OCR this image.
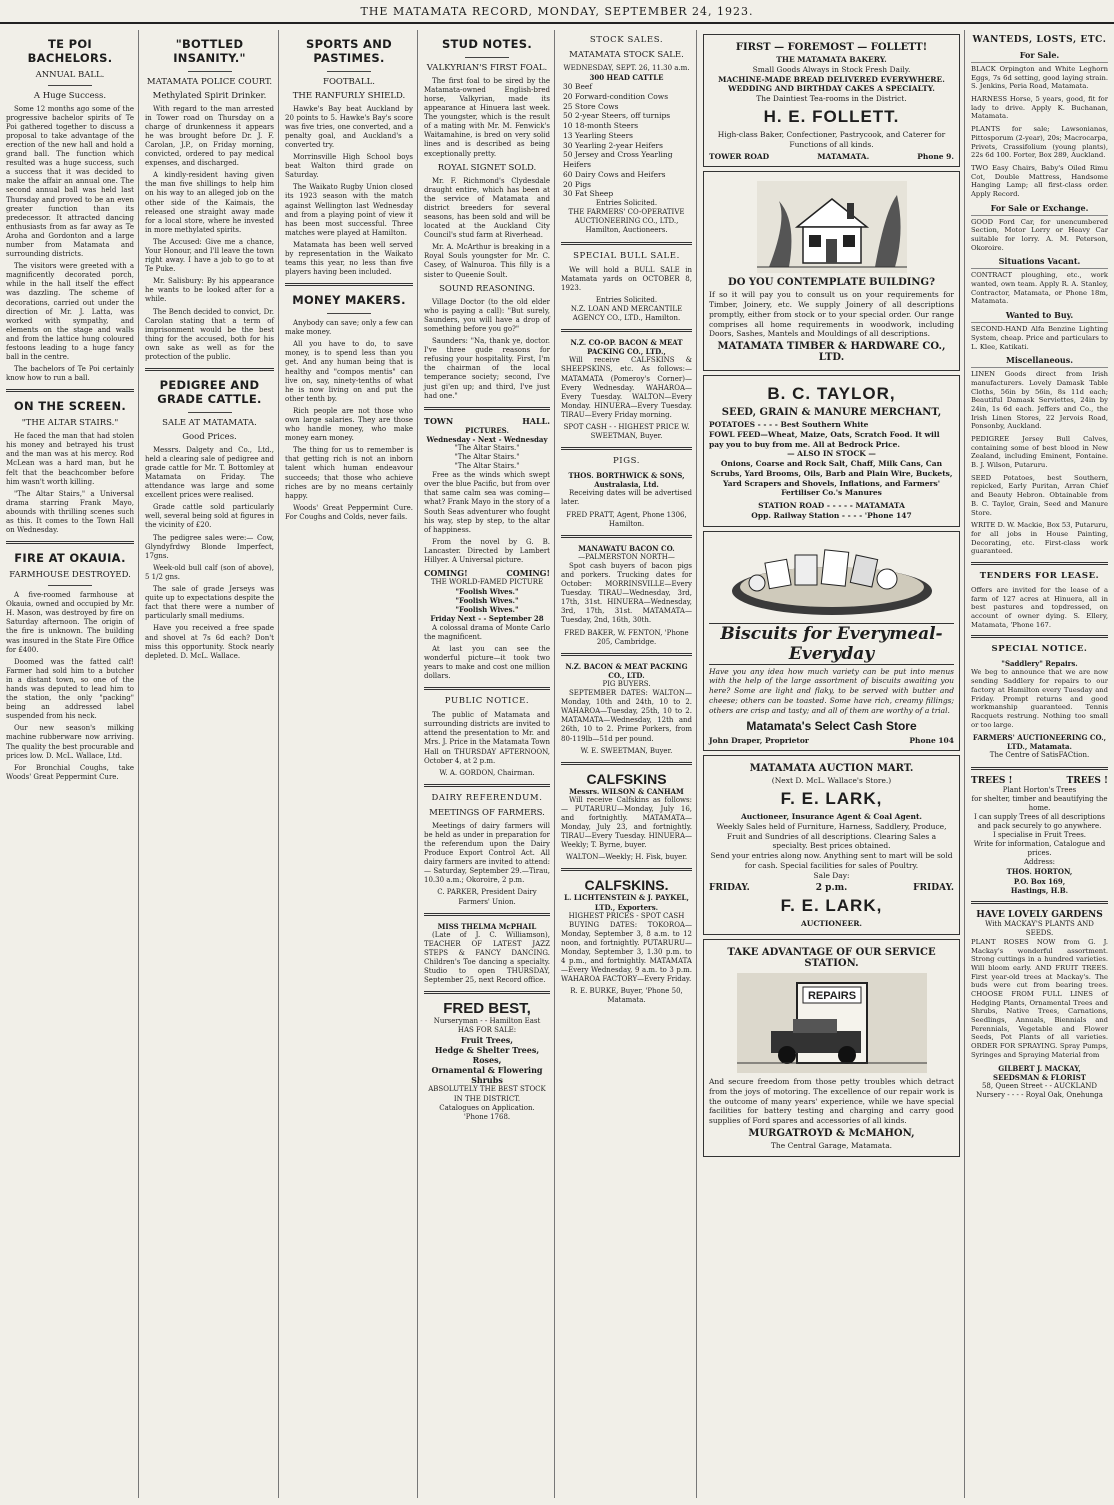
THE MATAMATA RECORD, MONDAY, SEPTEMBER 24, 1923.
TE POI BACHELORS.
ANNUAL BALL.
A Huge Success.

Some 12 months ago some of the progressive bachelor spirits of Te Poi gathered together to discuss a proposal to take advantage of the erection of the new hall and hold a grand ball. The function which resulted was a huge success, such a success that it was decided to make the affair an annual one. The second annual ball was held last Thursday and proved to be an even greater function than its predecessor. It attracted dancing enthusiasts from as far away as Te Aroha and Gordonton and a large number from Matamata and surrounding districts.

The visitors were greeted with a magnificently decorated porch, while in the hall itself the effect was dazzling. The scheme of decorations, carried out under the direction of Mr. J. Latta, was worked with sympathy, and elements on the stage and walls and from the lattice hung coloured festoons leading to a huge fancy ball in the centre.

The bachelors of Te Poi certainly know how to run a ball.

ON THE SCREEN.
"THE ALTAR STAIRS."

He faced the man that had stolen his money and betrayed his trust and the man was at his mercy. Rod McLean was a hard man, but he felt that the beachcomber before him wasn't worth killing.

"The Altar Stairs," a Universal drama starring Frank Mayo, abounds with thrilling scenes such as this. It comes to the Town Hall on Wednesday.

FIRE AT OKAUIA.
FARMHOUSE DESTROYED.

A five-roomed farmhouse at Okauia, owned and occupied by Mr. H. Mason, was destroyed by fire on Saturday afternoon. The origin of the fire is unknown. The building was insured in the State Fire Office for £400.

Doomed was the fatted calf! Farmer had sold him to a butcher in a distant town, so one of the hands was deputed to lead him to the station, the only "packing" being an addressed label suspended from his neck.

Our new season's milking machine rubberware now arriving. The quality the best procurable and prices low. D. McL. Wallace, Ltd.

For Bronchial Coughs, take Woods' Great Peppermint Cure.

"BOTTLED INSANITY."
MATAMATA POLICE COURT.
Methylated Spirit Drinker.

With regard to the man arrested in Tower road on Thursday on a charge of drunkenness it appears he was brought before Dr. J. F. Carolan, J.P., on Friday morning, convicted, ordered to pay medical expenses, and discharged.

A kindly-resident having given the man five shillings to help him on his way to an alleged job on the other side of the Kaimais, the released one straight away made for a local store, where he invested in more methylated spirits.

The Accused: Give me a chance, Your Honour, and I'll leave the town right away. I have a job to go to at Te Puke.

Mr. Salisbury: By his appearance he wants to be looked after for a while.

The Bench decided to convict, Dr. Carolan stating that a term of imprisonment would be the best thing for the accused, both for his own sake as well as for the protection of the public.

PEDIGREE AND GRADE CATTLE.
SALE AT MATAMATA.
Good Prices.

Messrs. Dalgety and Co., Ltd., held a clearing sale of pedigree and grade cattle for Mr. T. Bottomley at Matamata on Friday. The attendance was large and some excellent prices were realised.

Grade cattle sold particularly well, several being sold at figures in the vicinity of £20.

The pedigree sales were:— Cow, Glyndyfrdwy Blonde Imperfect, 17gns.

Week-old bull calf (son of above), 5 1/2 gns.

The sale of grade Jerseys was quite up to expectations despite the fact that there were a number of particularly small mediums.

Have you received a free spade and shovel at 7s 6d each? Don't miss this opportunity. Stock nearly depleted. D. McL. Wallace.

SPORTS AND PASTIMES.
FOOTBALL.
THE RANFURLY SHIELD.

Hawke's Bay beat Auckland by 20 points to 5. Hawke's Bay's score was five tries, one converted, and a penalty goal, and Auckland's a converted try.

Morrinsville High School boys beat Walton third grade on Saturday.

The Waikato Rugby Union closed its 1923 season with the match against Wellington last Wednesday and from a playing point of view it has been most successful. Three matches were played at Hamilton.

Matamata has been well served by representation in the Waikato teams this year, no less than five players having been included.

MONEY MAKERS.

Anybody can save; only a few can make money.

All you have to do, to save money, is to spend less than you get. And any human being that is healthy and "compos mentis" can live on, say, ninety-tenths of what he is now living on and put the other tenth by.

Rich people are not those who own large salaries. They are those who handle money, who make money earn money.

The thing for us to remember is that getting rich is not an inborn talent which human endeavour succeeds; that those who achieve riches are by no means certainly happy.

Woods' Great Peppermint Cure. For Coughs and Colds, never fails.

STUD NOTES.
VALKYRIAN'S FIRST FOAL.

The first foal to be sired by the Matamata-owned English-bred horse, Valkyrian, made its appearance at Hinuera last week. The youngster, which is the result of a mating with Mr. M. Fenwick's Waitamahine, is bred on very solid lines and is described as being exceptionally pretty.

ROYAL SIGNET SOLD.

Mr. F. Richmond's Clydesdale draught entire, which has been at the service of Matamata and district breeders for several seasons, has been sold and will be located at the Auckland City Council's stud farm at Riverhead.

Mr. A. McArthur is breaking in a Royal Souls youngster for Mr. C. Casey, of Walnuroa. This filly is a sister to Queenie Soult.

SOUND REASONING.

Village Doctor (to the old elder who is paying a call): "But surely, Saunders, you will have a drop of something before you go?"

Saunders: "Na, thank ye, doctor. I've three gude reasons for refusing your hospitality. First, I'm the chairman of the local temperance society; second, I've just gi'en up; and third, I've just had one."

TOWN	HALL.
PICTURES.
Wednesday - Next - Wednesday
"The Altar Stairs."
"The Altar Stairs."
"The Altar Stairs."

Free as the winds which swept over the blue Pacific, but from over that same calm sea was coming—what? Frank Mayo in the story of a South Seas adventurer who fought his way, step by step, to the altar of happiness.

From the novel by G. B. Lancaster. Directed by Lambert Hillyer. A Universal picture.

COMING!	COMING!
THE WORLD-FAMED PICTURE
"Foolish Wives."
"Foolish Wives."
"Foolish Wives."
Friday Next - - September 28

A colossal drama of Monte Carlo the magnificent.

At last you can see the wonderful picture—it took two years to make and cost one million dollars.

PUBLIC NOTICE.

The public of Matamata and surrounding districts are invited to attend the presentation to Mr. and Mrs. J. Price in the Matamata Town Hall on THURSDAY AFTERNOON, October 4, at 2 p.m.

W. A. GORDON, Chairman.
DAIRY REFERENDUM.
MEETINGS OF FARMERS.

Meetings of dairy farmers will be held as under in preparation for the referendum upon the Dairy Produce Export Control Act. All dairy farmers are invited to attend:— Saturday, September 29.—Tirau, 10.30 a.m.; Okoroire, 2 p.m.

C. PARKER, President Dairy Farmers' Union.
MISS THELMA McPHAIL

(Late of J. C. Williamson), TEACHER OF LATEST JAZZ STEPS & FANCY DANCING. Children's Toe dancing a specialty. Studio to open THURSDAY, September 25, next Record office.

FRED BEST,
Nurseryman - - Hamilton East
HAS FOR SALE:
Fruit Trees,
Hedge & Shelter Trees, Roses,
Ornamental & Flowering Shrubs
ABSOLUTELY THE BEST STOCK IN THE DISTRICT.
Catalogues on Application.
'Phone 1768.
STOCK SALES.
MATAMATA STOCK SALE.
WEDNESDAY, SEPT. 26, 11.30 a.m.
300 HEAD CATTLE
30 Beef
20 Forward-condition Cows
25 Store Cows
50 2-year Steers, off turnips
10 18-month Steers
13 Yearling Steers
30 Yearling 2-year Heifers
50 Jersey and Cross Yearling Heifers
60 Dairy Cows and Heifers
20 Pigs
30 Fat Sheep
Entries Solicited.
THE FARMERS' CO-OPERATIVE AUCTIONEERING CO., LTD., Hamilton, Auctioneers.
SPECIAL BULL SALE.

We will hold a BULL SALE in Matamata yards on OCTOBER 8, 1923.

Entries Solicited.
N.Z. LOAN AND MERCANTILE AGENCY CO., LTD., Hamilton.
N.Z. CO-OP. BACON & MEAT PACKING CO., LTD.,

Will receive CALFSKINS & SHEEPSKINS, etc. As follows:— MATAMATA (Pomeroy's Corner)—Every Wednesday. WAHAROA—Every Tuesday. WALTON—Every Monday. HINUERA—Every Tuesday. TIRAU—Every Friday morning.

SPOT CASH - - HIGHEST PRICE W. SWEETMAN, Buyer.
PIGS.
THOS. BORTHWICK & SONS, Australasia, Ltd.

Receiving dates will be advertised later.

FRED PRATT, Agent, Phone 1306, Hamilton.
MANAWATU BACON CO.
—PALMERSTON NORTH—

Spot cash buyers of bacon pigs and porkers. Trucking dates for October: MORRINSVILLE—Every Tuesday. TIRAU—Wednesday, 3rd, 17th, 31st. HINUERA—Wednesday, 3rd, 17th, 31st. MATAMATA—Tuesday, 2nd, 16th, 30th.

FRED BAKER, W. FENTON, 'Phone 205, Cambridge.
N.Z. BACON & MEAT PACKING CO., LTD.
PIG BUYERS.

SEPTEMBER DATES: WALTON—Monday, 10th and 24th, 10 to 2. WAHAROA—Tuesday, 25th, 10 to 2. MATAMATA—Wednesday, 12th and 26th, 10 to 2. Prime Porkers, from 80-119lb—51d per pound.

W. E. SWEETMAN, Buyer.
CALFSKINS
Messrs. WILSON & CANHAM

Will receive Calfskins as follows:— PUTARURU—Monday, July 16, and fortnightly. MATAMATA—Monday, July 23, and fortnightly. TIRAU—Every Tuesday. HINUERA—Weekly; T. Byrne, buyer.

WALTON—Weekly; H. Fisk, buyer.
CALFSKINS.
L. LICHTENSTEIN & J. PAYKEL, LTD., Exporters.
HIGHEST PRICES - SPOT CASH

BUYING DATES: TOKOROA—Monday, September 3, 8 a.m. to 12 noon, and fortnightly. PUTARURU—Monday, September 3, 1.30 p.m. to 4 p.m., and fortnightly. MATAMATA—Every Wednesday, 9 a.m. to 3 p.m. WAHAROA FACTORY—Every Friday.

R. E. BURKE, Buyer, 'Phone 50, Matamata.
FIRST — FOREMOST — FOLLETT!
THE MATAMATA BAKERY.
Small Goods Always in Stock Fresh Daily.
MACHINE-MADE BREAD DELIVERED EVERYWHERE.
WEDDING AND BIRTHDAY CAKES A SPECIALTY.
The Daintiest Tea-rooms in the District.
H. E. FOLLETT.
High-class Baker, Confectioner, Pastrycook, and Caterer for Functions of all kinds.
TOWER ROAD	MATAMATA.	Phone 9.
DO YOU CONTEMPLATE BUILDING?
If so it will pay you to consult us on your requirements for Timber, Joinery, etc. We supply Joinery of all descriptions promptly, either from stock or to your special order. Our range comprises all home requirements in woodwork, including Doors, Sashes, Mantels and Mouldings of all descriptions.
MATAMATA TIMBER & HARDWARE CO., LTD.
B. C. TAYLOR,
SEED, GRAIN & MANURE MERCHANT,
POTATOES - - - - Best Southern White
FOWL FEED—Wheat, Maize, Oats, Scratch Food. It will pay you to buy from me. All at Bedrock Price.
— ALSO IN STOCK —
Onions, Coarse and Rock Salt, Chaff, Milk Cans, Can Scrubs, Yard Brooms, Oils, Barb and Plain Wire, Buckets, Yard Scrapers and Shovels, Inflations, and Farmers' Fertiliser Co.'s Manures
STATION ROAD - - - - - MATAMATA
Opp. Railway Station - - - - 'Phone 147
Biscuits for Everymeal-Everyday
Have you any idea how much variety can be put into menus with the help of the large assortment of biscuits awaiting you here? Some are light and flaky, to be served with butter and cheese; others can be toasted. Some have rich, creamy fillings; others are crisp and tasty; and all of them are worthy of a trial.
Matamata's Select Cash Store
John Draper, Proprietor	Phone 104
MATAMATA AUCTION MART.
(Next D. McL. Wallace's Store.)
F. E. LARK,
Auctioneer, Insurance Agent & Coal Agent.
Weekly Sales held of Furniture, Harness, Saddlery, Produce, Fruit and Sundries of all descriptions. Clearing Sales a specialty. Best prices obtained.
Send your entries along now. Anything sent to mart will be sold for cash. Special facilities for sales of Poultry.
Sale Day:
FRIDAY.	2 p.m.	FRIDAY.
F. E. LARK,
AUCTIONEER.
TAKE ADVANTAGE OF OUR SERVICE STATION.
REPAIRS
And secure freedom from those petty troubles which detract from the joys of motoring. The excellence of our repair work is the outcome of many years' experience, while we have special facilities for battery testing and charging and carry good supplies of Ford spares and accessories of all kinds.
MURGATROYD & McMAHON,
The Central Garage, Matamata.
WANTEDS, LOSTS, ETC.
For Sale.
BLACK Orpington and White Leghorn Eggs, 7s 6d setting, good laying strain. S. Jenkins, Peria Road, Matamata.
HARNESS Horse, 5 years, good, fit for lady to drive. Apply K. Buchanan, Matamata.
PLANTS for sale; Lawsonianas, Pittosporum (2-year), 20s; Macrocarpa, Privets, Crassifolium (young plants), 22s 6d 100. Forter, Box 289, Auckland.
TWO Easy Chairs, Baby's Oiled Rimu Cot, Double Mattress, Handsome Hanging Lamp; all first-class order. Apply Record.
For Sale or Exchange.
GOOD Ford Car, for unencumbered Section, Motor Lorry or Heavy Car suitable for lorry. A. M. Peterson, Okoroire.
Situations Vacant.
CONTRACT ploughing, etc., work wanted, own team. Apply R. A. Stanley, Contractor, Matamata, or Phone 18m, Matamata.
Wanted to Buy.
SECOND-HAND Alfa Benzine Lighting System, cheap. Price and particulars to L. Klee, Katikati.
Miscellaneous.
LINEN Goods direct from Irish manufacturers. Lovely Damask Table Cloths, 56in by 56in, 8s 11d each; Beautiful Damask Serviettes, 24in by 24in, 1s 6d each. Jeffers and Co., the Irish Linen Stores, 22 Jervois Road, Ponsonby, Auckland.
PEDIGREE Jersey Bull Calves, containing some of best blood in New Zealand, including Eminent, Fontaine. B. J. Wilson, Putaruru.
SEED Potatoes, best Southern, repicked, Early Puritan, Arran Chief and Beauty Hebron. Obtainable from B. C. Taylor, Grain, Seed and Manure Store.
WRITE D. W. Mackie, Box 53, Putaruru, for all jobs in House Painting, Decorating, etc. First-class work guaranteed.
TENDERS FOR LEASE.
Offers are invited for the lease of a farm of 127 acres at Hinuera, all in best pastures and topdressed, on account of owner dying. S. Ellery, Matamata, 'Phone 167.
SPECIAL NOTICE.
"Saddlery" Repairs.
We beg to announce that we are now sending Saddlery for repairs to our factory at Hamilton every Tuesday and Friday. Prompt returns and good workmanship guaranteed. Tennis Racquets restrung. Nothing too small or too large.
FARMERS' AUCTIONEERING CO., LTD., Matamata.
The Centre of SatisFACtion.
TREES !	TREES !
Plant Horton's Trees
for shelter, timber and beautifying the home.
I can supply Trees of all descriptions and pack securely to go anywhere.
I specialise in Fruit Trees.
Write for information, Catalogue and prices.
Address:
THOS. HORTON,
P.O. Box 169,
Hastings, H.B.
HAVE LOVELY GARDENS
With MACKAY'S PLANTS AND SEEDS.
PLANT ROSES NOW from G. J. Mackay's wonderful assortment. Strong cuttings in a hundred varieties. Will bloom early. AND FRUIT TREES. First year-old trees at Mackay's. The buds were cut from bearing trees. CHOOSE FROM FULL LINES of Hedging Plants, Ornamental Trees and Shrubs, Native Trees, Carnations, Seedlings, Annuals, Biennials and Perennials, Vegetable and Flower Seeds, Pot Plants of all varieties. ORDER FOR SPRAYING. Spray Pumps, Syringes and Spraying Material from
GILBERT J. MACKAY,
SEEDSMAN & FLORIST
58, Queen Street - - AUCKLAND
Nursery - - - - Royal Oak, Onehunga
